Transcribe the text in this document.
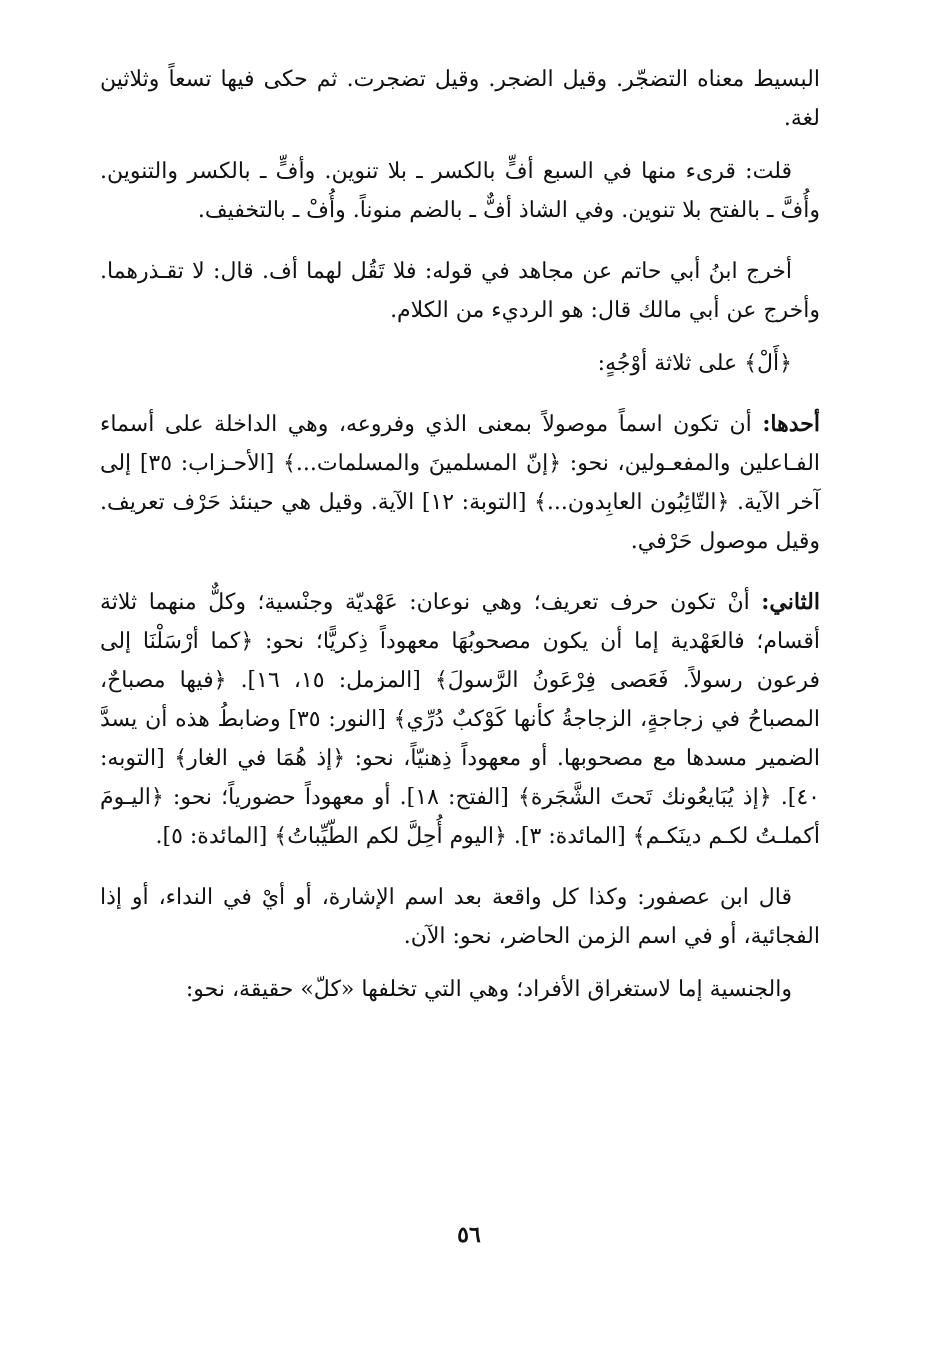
البسيط معناه التضجّر. وقيل الضجر. وقيل تضجرت. ثم حكى فيها تسعاً وثلاثين لغة.

قلت: قرىء منها في السبع أفٍّ بالكسر ـ بلا تنوين. وأفٍّ ـ بالكسر والتنوين. وأُفَّ ـ بالفتح بلا تنوين. وفي الشاذ أفٌّ ـ بالضم منوناً. وأُفْ ـ بالتخفيف.

أخرج ابنُ أبي حاتم عن مجاهد في قوله: فلا تَقُل لهما أف. قال: لا تقـذرهما. وأخرج عن أبي مالك قال: هو الرديء من الكلام.

﴿أَلْ﴾ على ثلاثة أوْجُهٍ:

أحدها: أن تكون اسماً موصولاً بمعنى الذي وفروعه، وهي الداخلة على أسماء الفـاعلين والمفعـولين، نحو: ﴿إنّ المسلمينَ والمسلمات...﴾ [الأحـزاب: ٣٥] إلى آخر الآية. ﴿التّائِبُون العابِدون...﴾ [التوبة: ١٢] الآية. وقيل هي حينئذ حَرْف تعريف. وقيل موصول حَرْفي.

الثاني: أنْ تكون حرف تعريف؛ وهي نوعان: عَهْديّة وجنْسية؛ وكلٌّ منهما ثلاثة أقسام؛ فالعَهْدية إما أن يكون مصحوبُهَا معهوداً ذِكريًّا؛ نحو: ﴿كما أرْسَلْنَا إلى فرعون رسولاً. فَعَصى فِرْعَونُ الرَّسولَ﴾ [المزمل: ١٥، ١٦]. ﴿فيها مصباحٌ، المصباحُ في زجاجةٍ، الزجاجةُ كأنها كَوْكبٌ دُرِّي﴾ [النور: ٣٥] وضابطُ هذه أن يسدَّ الضمير مسدها مع مصحوبها. أو معهوداً ذِهنيّاً، نحو: ﴿إذ هُمَا في الغار﴾ [التوبه: ٤٠]. ﴿إذ يُبَايعُونك تَحتَ الشَّجَرة﴾ [الفتح: ١٨]. أو معهوداً حضورياً؛ نحو: ﴿اليـومَ أكملـتُ لكـم دينَكـم﴾ [المائدة: ٣]. ﴿اليوم أُحِلَّ لكم الطّيِّباتُ﴾ [المائدة: ٥].

قال ابن عصفور: وكذا كل واقعة بعد اسم الإشارة، أو أيْ في النداء، أو إذا الفجائية، أو في اسم الزمن الحاضر، نحو: الآن.

والجنسية إما لاستغراق الأفراد؛ وهي التي تخلفها «كلّ» حقيقة، نحو:

٥٦
